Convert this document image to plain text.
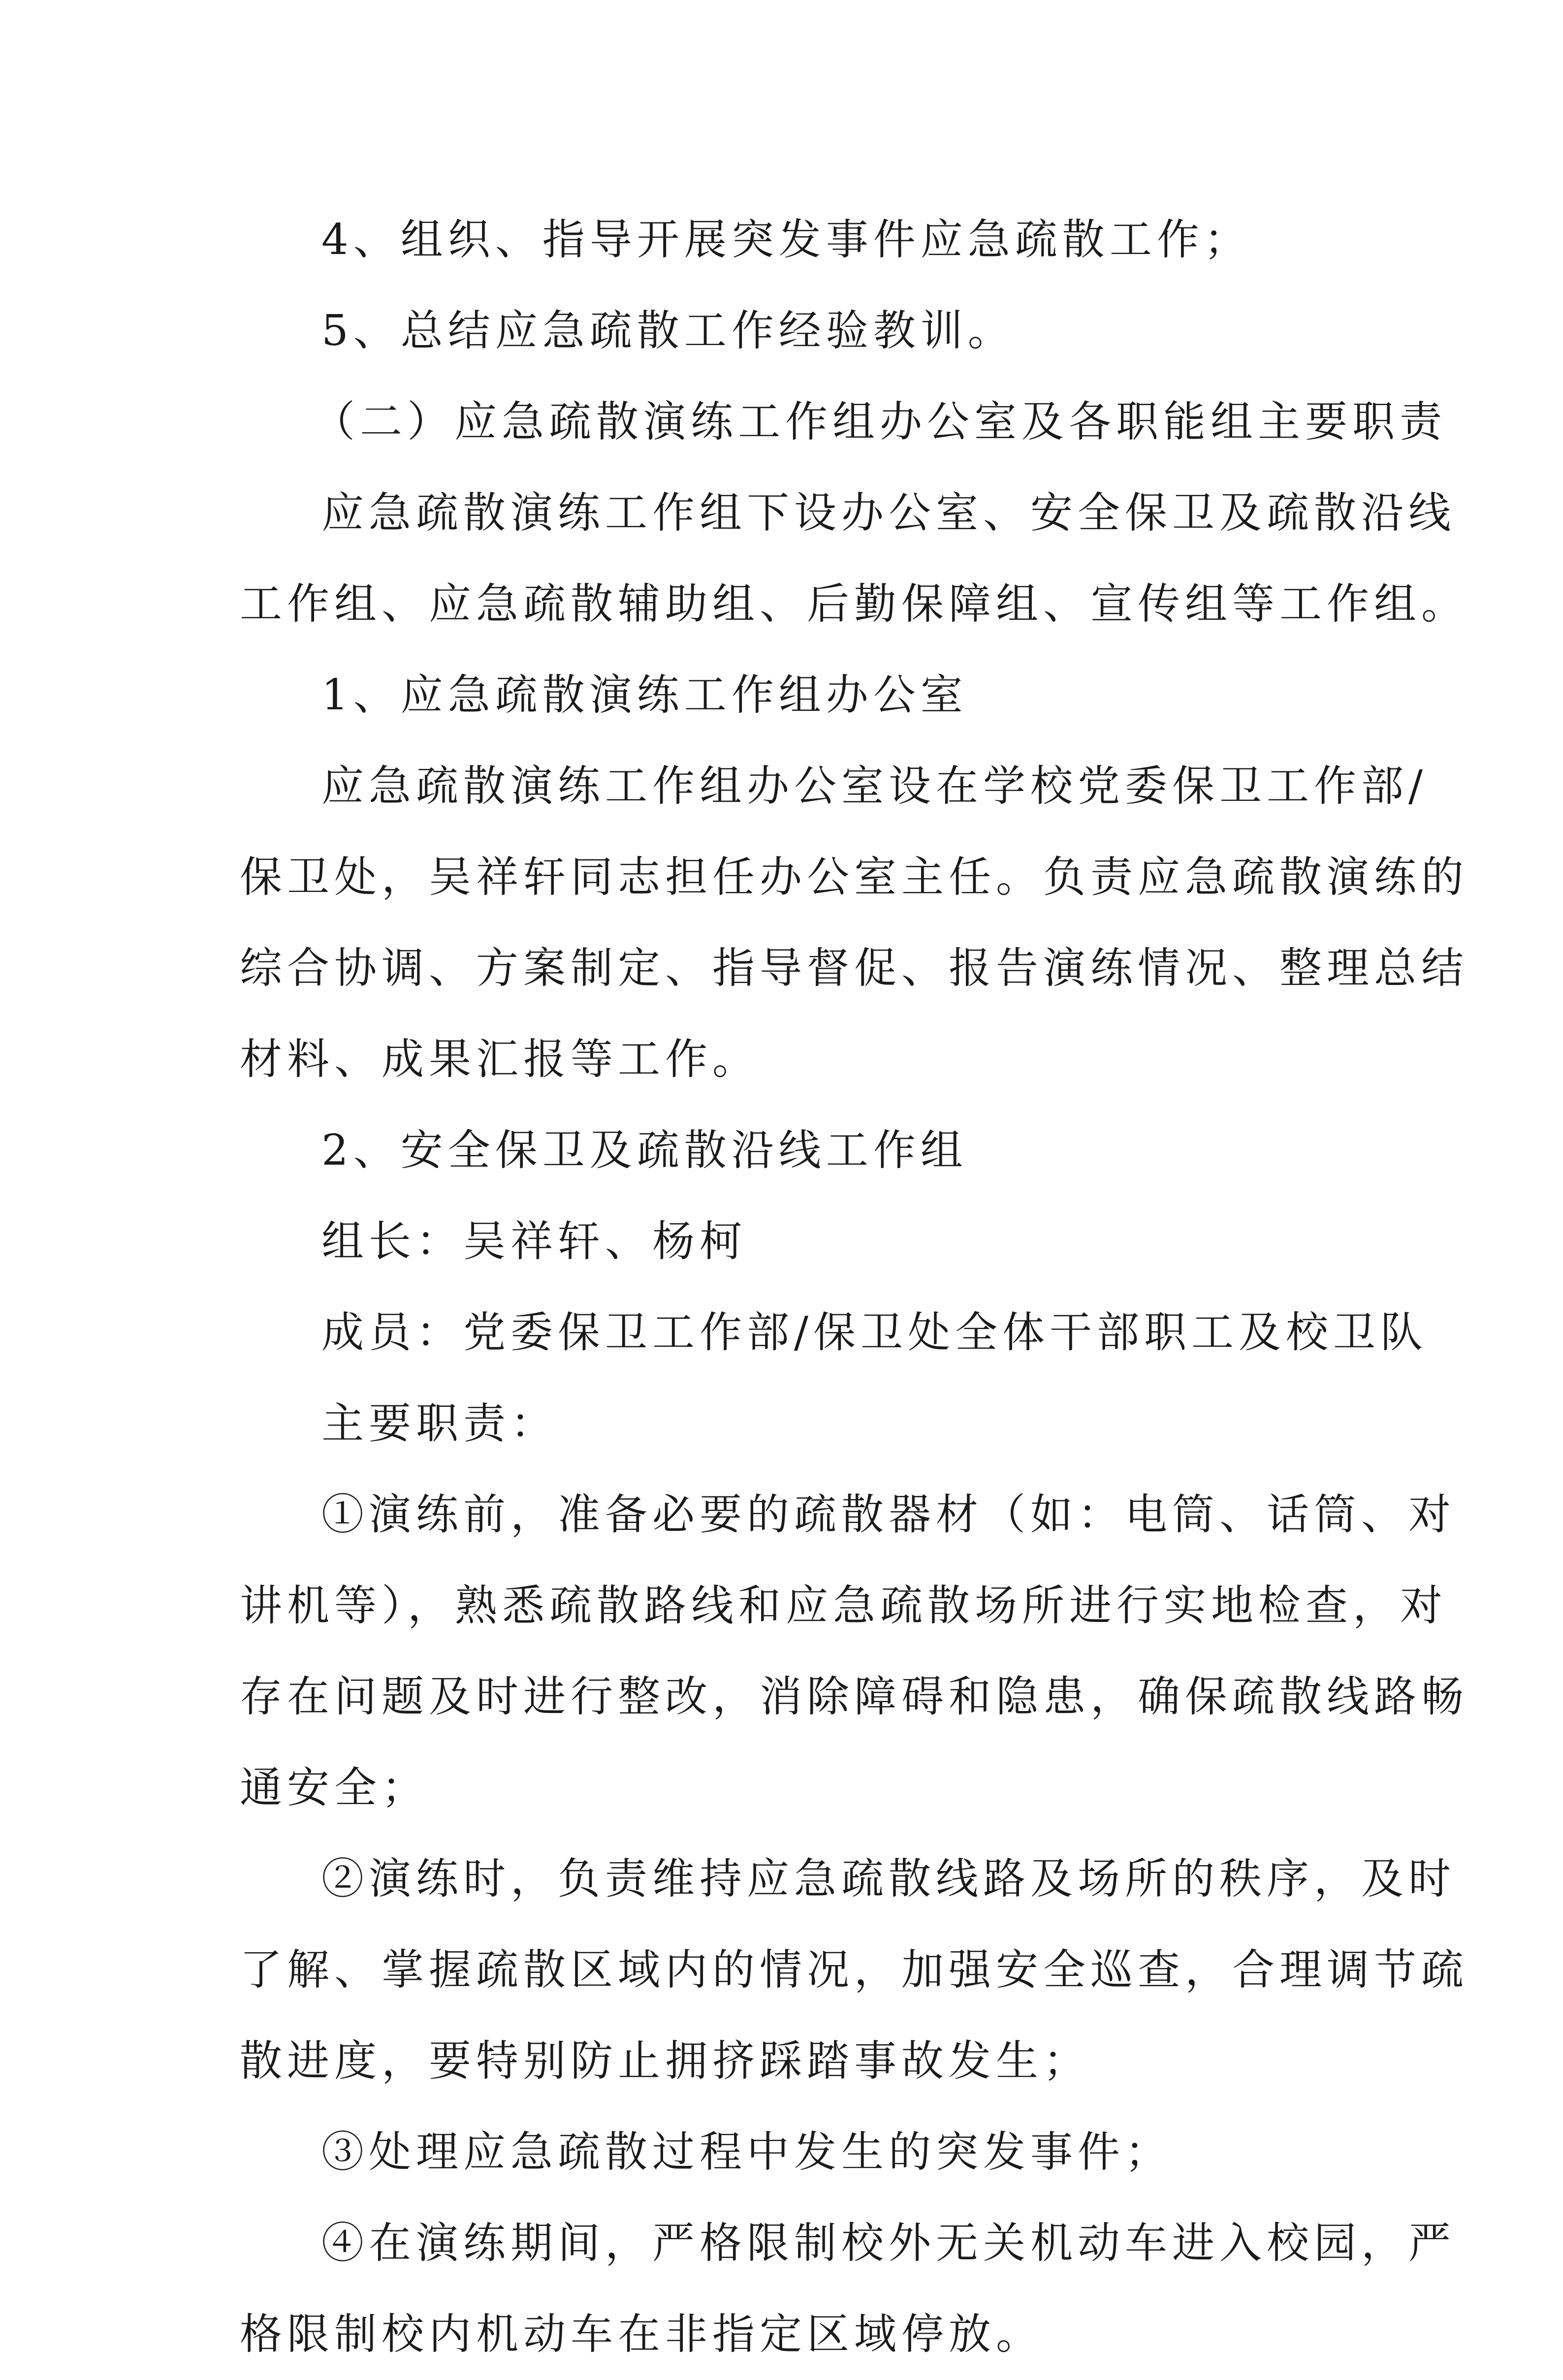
4、组织、指导开展突发事件应急疏散工作；
5、总结应急疏散工作经验教训。
（二）应急疏散演练工作组办公室及各职能组主要职责
应急疏散演练工作组下设办公室、安全保卫及疏散沿线
工作组、应急疏散辅助组、后勤保障组、宣传组等工作组。
1、应急疏散演练工作组办公室
应急疏散演练工作组办公室设在学校党委保卫工作部/
保卫处，吴祥轩同志担任办公室主任。负责应急疏散演练的
综合协调、方案制定、指导督促、报告演练情况、整理总结
材料、成果汇报等工作。
2、安全保卫及疏散沿线工作组
组长：吴祥轩、杨柯
成员：党委保卫工作部/保卫处全体干部职工及校卫队
主要职责：
①演练前，准备必要的疏散器材（如：电筒、话筒、对
讲机等），熟悉疏散路线和应急疏散场所进行实地检查，对
存在问题及时进行整改，消除障碍和隐患，确保疏散线路畅
通安全；
②演练时，负责维持应急疏散线路及场所的秩序，及时
了解、掌握疏散区域内的情况，加强安全巡查，合理调节疏
散进度，要特别防止拥挤踩踏事故发生；
③处理应急疏散过程中发生的突发事件；
④在演练期间，严格限制校外无关机动车进入校园，严
格限制校内机动车在非指定区域停放。
